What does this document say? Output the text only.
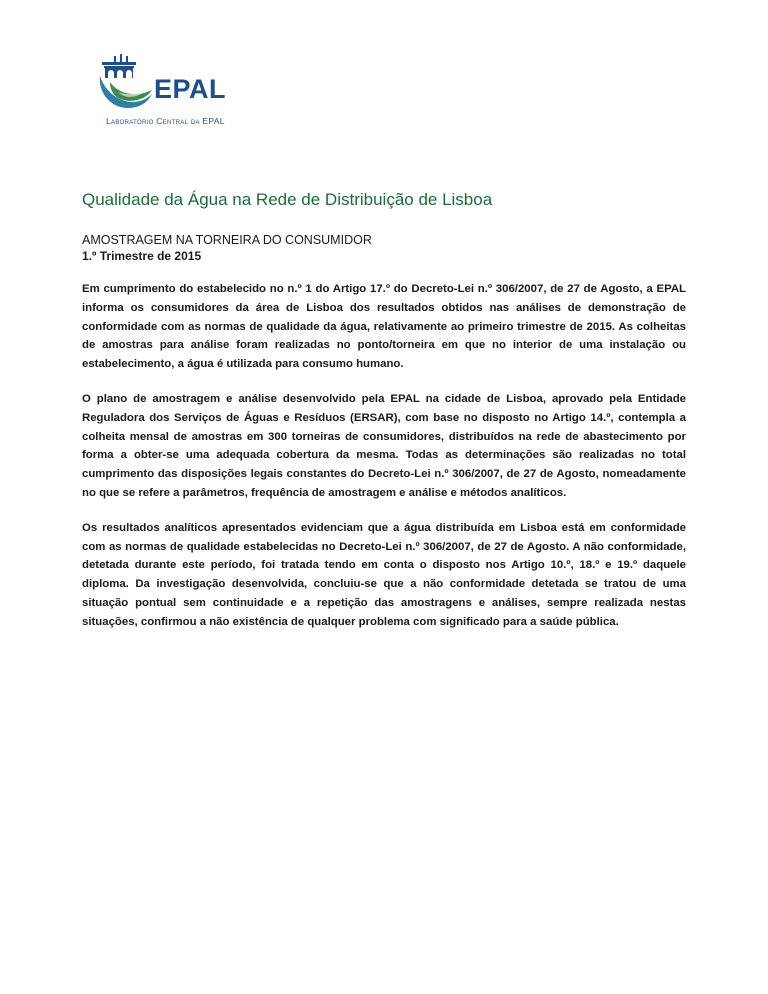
EPAL
Laboratório Central da EPAL
Qualidade da Água na Rede de Distribuição de Lisboa

AMOSTRAGEM NA TORNEIRA DO CONSUMIDOR

1.º Trimestre de 2015

Em cumprimento do estabelecido no n.º 1 do Artigo 17.º do Decreto-Lei n.º 306/2007, de 27 de Agosto, a EPAL informa os consumidores da área de Lisboa dos resultados obtidos nas análises de demonstração de conformidade com as normas de qualidade da água, relativamente ao primeiro trimestre de 2015. As colheitas de amostras para análise foram realizadas no ponto/torneira em que no interior de uma instalação ou estabelecimento, a água é utilizada para consumo humano.

O plano de amostragem e análise desenvolvido pela EPAL na cidade de Lisboa, aprovado pela Entidade Reguladora dos Serviços de Águas e Resíduos (ERSAR), com base no disposto no Artigo 14.º, contempla a colheita mensal de amostras em 300 torneiras de consumidores, distribuídos na rede de abastecimento por forma a obter-se uma adequada cobertura da mesma. Todas as determinações são realizadas no total cumprimento das disposições legais constantes do Decreto-Lei n.º 306/2007, de 27 de Agosto, nomeadamente no que se refere a parâmetros, frequência de amostragem e análise e métodos analíticos.

Os resultados analíticos apresentados evidenciam que a água distribuída em Lisboa está em conformidade com as normas de qualidade estabelecidas no Decreto-Lei n.º 306/2007, de 27 de Agosto. A não conformidade, detetada durante este período, foi tratada tendo em conta o disposto nos Artigo 10.º, 18.º e 19.º daquele diploma. Da investigação desenvolvida, concluiu-se que a não conformidade detetada se tratou de uma situação pontual sem continuidade e a repetição das amostragens e análises, sempre realizada nestas situações, confirmou a não existência de qualquer problema com significado para a saúde pública.
